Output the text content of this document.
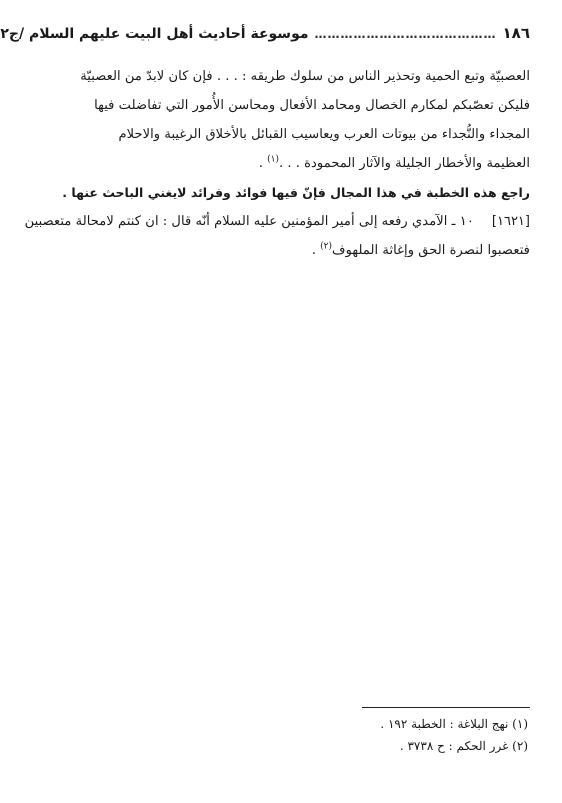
١٨٦
……………………………………
موسوعة أحاديث أهل البيت عليهم السلام /ج٢

العصبيّة وتبع الحمية وتحذير الناس من سلوك طريقه : . . . فإن كان لابدّ من العصبيّة

فليكن تعصّبكم لمكارم الخصال ومحامد الأفعال ومحاسن الأُمور التي تفاضلت فيها

المجداء والنُّجداء من بيوتات العرب ويعاسيب القبائل بالأخلاق الرغيبة والاحلام

العظيمة والأخطار الجليلة والآثار المحمودة . . .$^{(١)}$ .

راجع هذه الخطبة في هذا المجال فإنّ فيها فوائد وفرائد لايغني الباحث عنها .

[١٦٢١]
١٠ ـ الآمدي رفعه إلى أمير المؤمنين عليه السلام أنّه قال : ان كنتم لامحالة متعصبين

فتعصبوا لنصرة الحق وإغاثة الملهوف$^{(٢)}$ .

(١) نهج البلاغة : الخطبة ١٩٢ .
(٢) غرر الحكم : ح ٣٧٣٨ .
